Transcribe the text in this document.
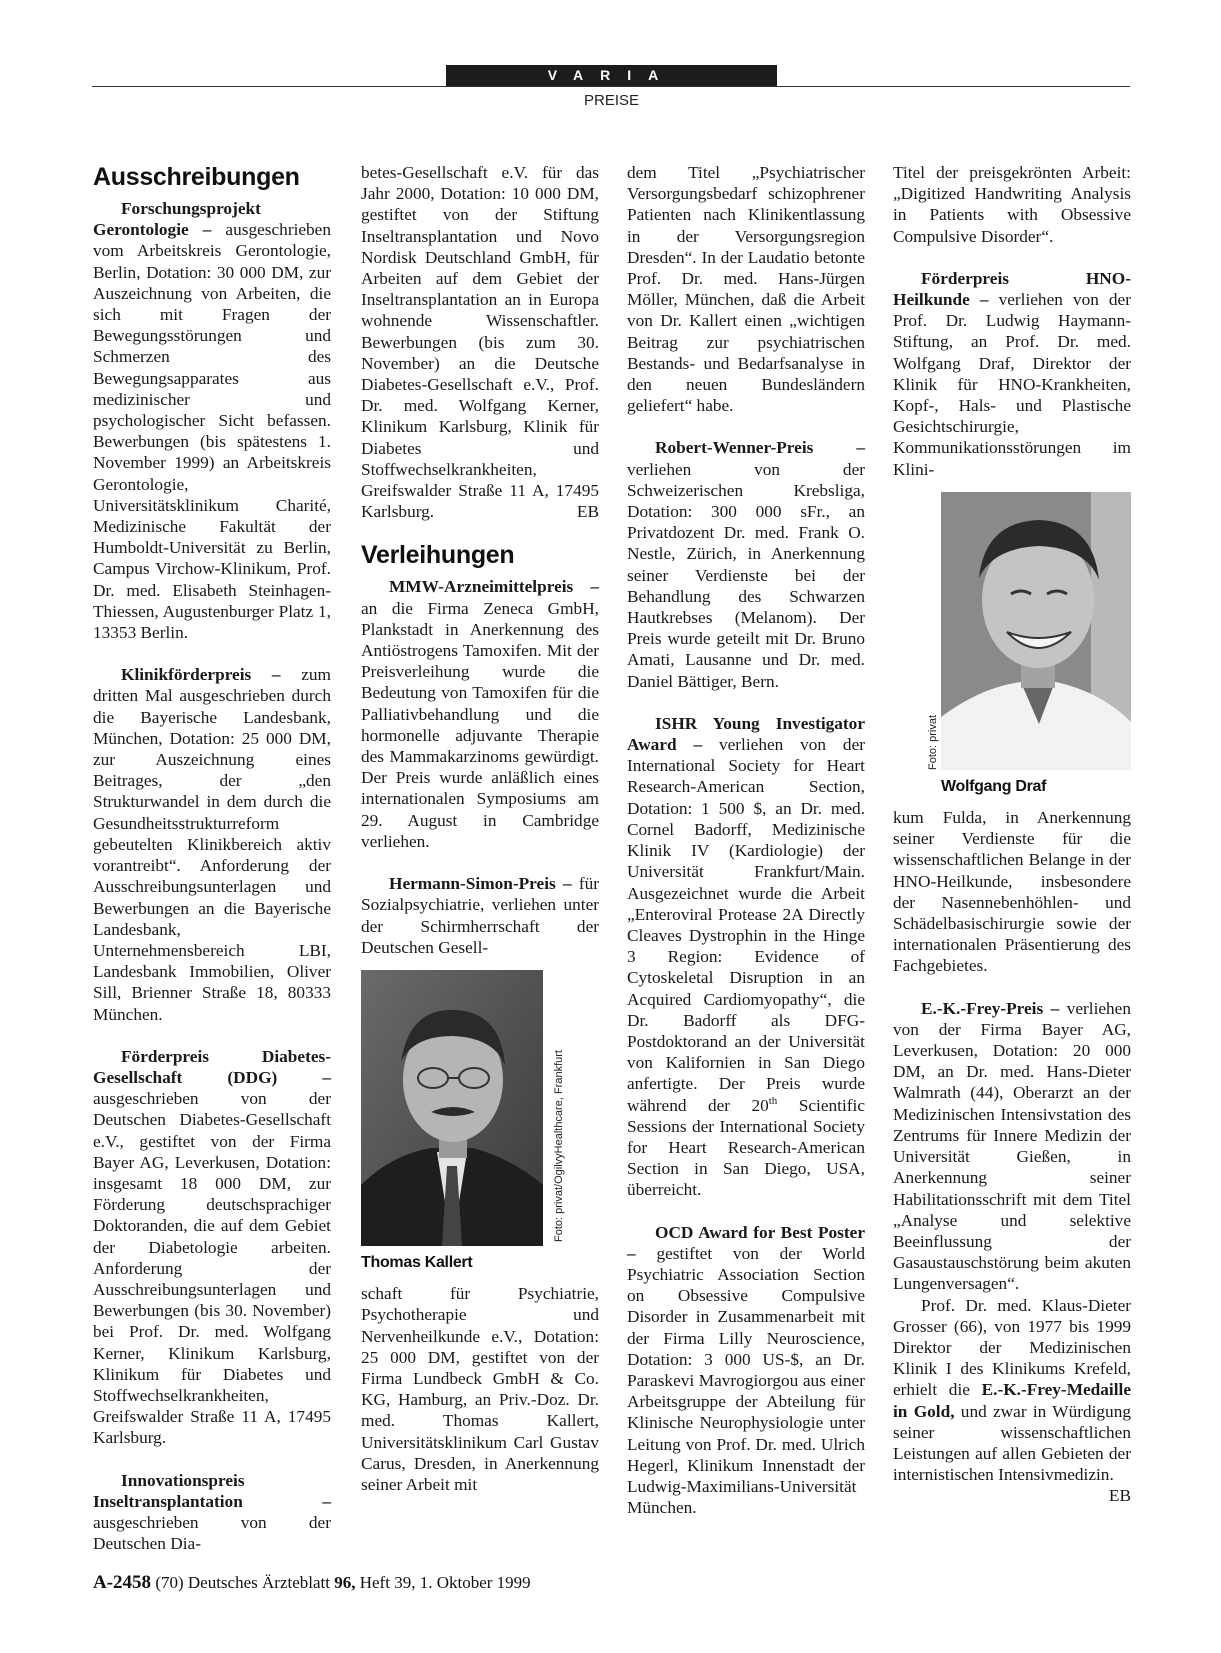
VARIA
PREISE
Ausschreibungen

Forschungsprojekt Gerontologie – ausgeschrieben vom Arbeitskreis Gerontologie, Berlin, Dotation: 30 000 DM, zur Auszeichnung von Arbeiten, die sich mit Fragen der Bewegungsstörungen und Schmerzen des Bewegungsapparates aus medizinischer und psychologischer Sicht befassen. Bewerbungen (bis spätestens 1. November 1999) an Arbeitskreis Gerontologie, Universitätsklinikum Charité, Medizinische Fakultät der Humboldt-Universität zu Berlin, Campus Virchow-Klinikum, Prof. Dr. med. Elisabeth Steinhagen-Thiessen, Augustenburger Platz 1, 13353 Berlin.

Klinikförderpreis – zum dritten Mal ausgeschrieben durch die Bayerische Landesbank, München, Dotation: 25 000 DM, zur Auszeichnung eines Beitrages, der „den Strukturwandel in dem durch die Gesundheitsstrukturreform gebeutelten Klinikbereich aktiv vorantreibt“. Anforderung der Ausschreibungsunterlagen und Bewerbungen an die Bayerische Landesbank, Unternehmensbereich LBI, Landesbank Immobilien, Oliver Sill, Brienner Straße 18, 80333 München.

Förderpreis Diabetes-Gesellschaft (DDG) – ausgeschrieben von der Deutschen Diabetes-Gesellschaft e.V., gestiftet von der Firma Bayer AG, Leverkusen, Dotation: insgesamt 18 000 DM, zur Förderung deutschsprachiger Doktoranden, die auf dem Gebiet der Diabetologie arbeiten. Anforderung der Ausschreibungsunterlagen und Bewerbungen (bis 30. November) bei Prof. Dr. med. Wolfgang Kerner, Klinikum Karlsburg, Klinikum für Diabetes und Stoffwechselkrankheiten, Greifswalder Straße 11 A, 17495 Karlsburg.

Innovationspreis Inseltransplantation – ausgeschrieben von der Deutschen Dia-

betes-Gesellschaft e.V. für das Jahr 2000, Dotation: 10 000 DM, gestiftet von der Stiftung Inseltransplantation und Novo Nordisk Deutschland GmbH, für Arbeiten auf dem Gebiet der Inseltransplantation an in Europa wohnende Wissenschaftler. Bewerbungen (bis zum 30. November) an die Deutsche Diabetes-Gesellschaft e.V., Prof. Dr. med. Wolfgang Kerner, Klinikum Karlsburg, Klinik für Diabetes und Stoffwechselkrankheiten, Greifswalder Straße 11 A, 17495 Karlsburg.	EB

Verleihungen

MMW-Arzneimittelpreis – an die Firma Zeneca GmbH, Plankstadt in Anerkennung des Antiöstrogens Tamoxifen. Mit der Preisverleihung wurde die Bedeutung von Tamoxifen für die Palliativbehandlung und die hormonelle adjuvante Therapie des Mammakarzinoms gewürdigt. Der Preis wurde anläßlich eines internationalen Symposiums am 29. August in Cambridge verliehen.

Hermann-Simon-Preis – für Sozialpsychiatrie, verliehen unter der Schirmherrschaft der Deutschen Gesell-

Thomas Kallert
Foto: privat/OgilvyHealthcare, Frankfurt

schaft für Psychiatrie, Psychotherapie und Nervenheilkunde e.V., Dotation: 25 000 DM, gestiftet von der Firma Lundbeck GmbH & Co. KG, Hamburg, an Priv.-Doz. Dr. med. Thomas Kallert, Universitätsklinikum Carl Gustav Carus, Dresden, in Anerkennung seiner Arbeit mit

dem Titel „Psychiatrischer Versorgungsbedarf schizophrener Patienten nach Klinikentlassung in der Versorgungsregion Dresden“. In der Laudatio betonte Prof. Dr. med. Hans-Jürgen Möller, München, daß die Arbeit von Dr. Kallert einen „wichtigen Beitrag zur psychiatrischen Bestands- und Bedarfsanalyse in den neuen Bundesländern geliefert“ habe.

Robert-Wenner-Preis – verliehen von der Schweizerischen Krebsliga, Dotation: 300 000 sFr., an Privatdozent Dr. med. Frank O. Nestle, Zürich, in Anerkennung seiner Verdienste bei der Behandlung des Schwarzen Hautkrebses (Melanom). Der Preis wurde geteilt mit Dr. Bruno Amati, Lausanne und Dr. med. Daniel Bättiger, Bern.

ISHR Young Investigator Award – verliehen von der International Society for Heart Research-American Section, Dotation: 1 500 $, an Dr. med. Cornel Badorff, Medizinische Klinik IV (Kardiologie) der Universität Frankfurt/Main. Ausgezeichnet wurde die Arbeit „Enteroviral Protease 2A Directly Cleaves Dystrophin in the Hinge 3 Region: Evidence of Cytoskeletal Disruption in an Acquired Cardiomyopathy“, die Dr. Badorff als DFG-Postdoktorand an der Universität von Kalifornien in San Diego anfertigte. Der Preis wurde während der 20th Scientific Sessions der International Society for Heart Research-American Section in San Diego, USA, überreicht.

OCD Award for Best Poster – gestiftet von der World Psychiatric Association Section on Obsessive Compulsive Disorder in Zusammenarbeit mit der Firma Lilly Neuroscience, Dotation: 3 000 US-$, an Dr. Paraskevi Mavrogiorgou aus einer Arbeitsgruppe der Abteilung für Klinische Neurophysiologie unter Leitung von Prof. Dr. med. Ulrich Hegerl, Klinikum Innenstadt der Ludwig-Maximilians-Universität München.

Titel der preisgekrönten Arbeit: „Digitized Handwriting Analysis in Patients with Obsessive Compulsive Disorder“.

Förderpreis HNO-Heilkunde – verliehen von der Prof. Dr. Ludwig Haymann-Stiftung, an Prof. Dr. med. Wolfgang Draf, Direktor der Klinik für HNO-Krankheiten, Kopf-, Hals- und Plastische Gesichtschirurgie, Kommunikationsstörungen im Klini-

Wolfgang Draf
Foto: privat

kum Fulda, in Anerkennung seiner Verdienste für die wissenschaftlichen Belange in der HNO-Heilkunde, insbesondere der Nasennebenhöhlen- und Schädelbasischirurgie sowie der internationalen Präsentierung des Fachgebietes.

E.-K.-Frey-Preis – verliehen von der Firma Bayer AG, Leverkusen, Dotation: 20 000 DM, an Dr. med. Hans-Dieter Walmrath (44), Oberarzt an der Medizinischen Intensivstation des Zentrums für Innere Medizin der Universität Gießen, in Anerkennung seiner Habilitationsschrift mit dem Titel „Analyse und selektive Beeinflussung der Gasaustauschstörung beim akuten Lungenversagen“.

Prof. Dr. med. Klaus-Dieter Grosser (66), von 1977 bis 1999 Direktor der Medizinischen Klinik I des Klinikums Krefeld, erhielt die E.-K.-Frey-Medaille in Gold, und zwar in Würdigung seiner wissenschaftlichen Leistungen auf allen Gebieten der internistischen Intensivmedizin.
EB

A-2458 (70) Deutsches Ärzteblatt 96, Heft 39, 1. Oktober 1999
